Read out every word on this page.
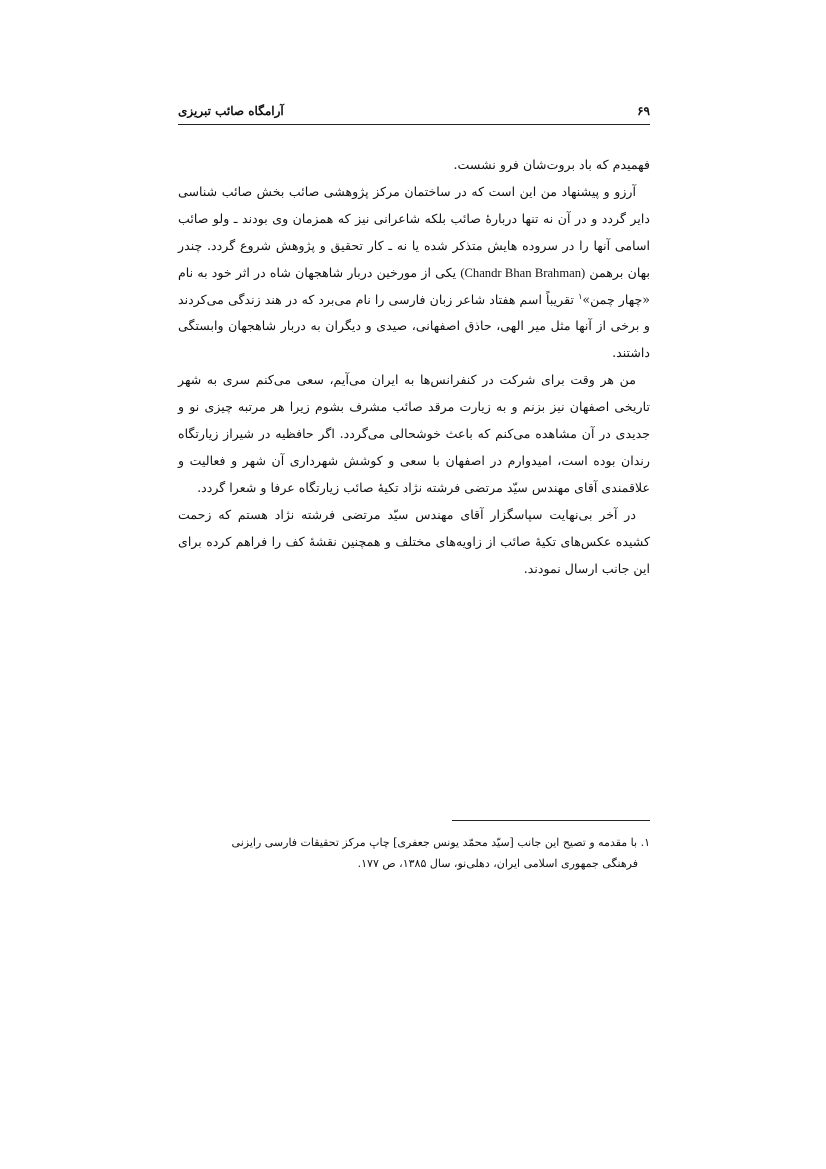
آرامگاه صائب تبریزی	۶۹

فهمیدم که باد بروت‌شان فرو نشست.

آرزو و پیشنهاد من این است که در ساختمان مرکز پژوهشی صائب بخش صائب شناسی دایر گردد و در آن نه تنها دربارهٔ صائب بلکه شاعرانی نیز که همزمان وی بودند ـ ولو صائب اسامی آنها را در سروده هایش متذکر شده یا نه ـ کار تحقیق و پژوهش شروع گردد. چندر بهان برهمن (Chandr Bhan Brahman) یکی از مورخین دربار شاهجهان شاه در اثر خود به نام «چهار چمن»$^۱$ تقریباً اسم هفتاد شاعر زبان فارسی را نام می‌برد که در هند زندگی می‌کردند و برخی از آنها مثل میر الهی، حاذق اصفهانی، صیدی و دیگران به دربار شاهجهان وابستگی داشتند.

من هر وقت برای شرکت در کنفرانس‌ها به ایران می‌آیم، سعی می‌کنم سری به شهر تاریخی اصفهان نیز بزنم و به زیارت مرقد صائب مشرف بشوم زیرا هر مرتبه چیزی نو و جدیدی در آن مشاهده می‌کنم که باعث خوشحالی می‌گردد. اگر حافظیه در شیراز زیارتگاه رندان بوده است، امیدوارم در اصفهان با سعی و کوشش شهرداری آن شهر و فعالیت و علاقمندی آقای مهندس سیّد مرتضی فرشته نژاد تکیهٔ صائب زیارتگاه عرفا و شعرا گردد.

در آخر بی‌نهایت سپاسگزار آقای مهندس سیّد مرتضی فرشته نژاد هستم که زحمت کشیده عکس‌های تکیهٔ صائب از زاویه‌های مختلف و همچنین نقشهٔ کف را فراهم کرده برای این جانب ارسال نمودند.

۱. با مقدمه و تصیح این جانب [سیّد محمّد یونس جعفری] چاپ مرکز تحقیقات فارسی رایزنی

فرهنگی جمهوری اسلامی ایران، دهلی‌نو، سال ۱۳۸۵، ص ۱۷۷.
